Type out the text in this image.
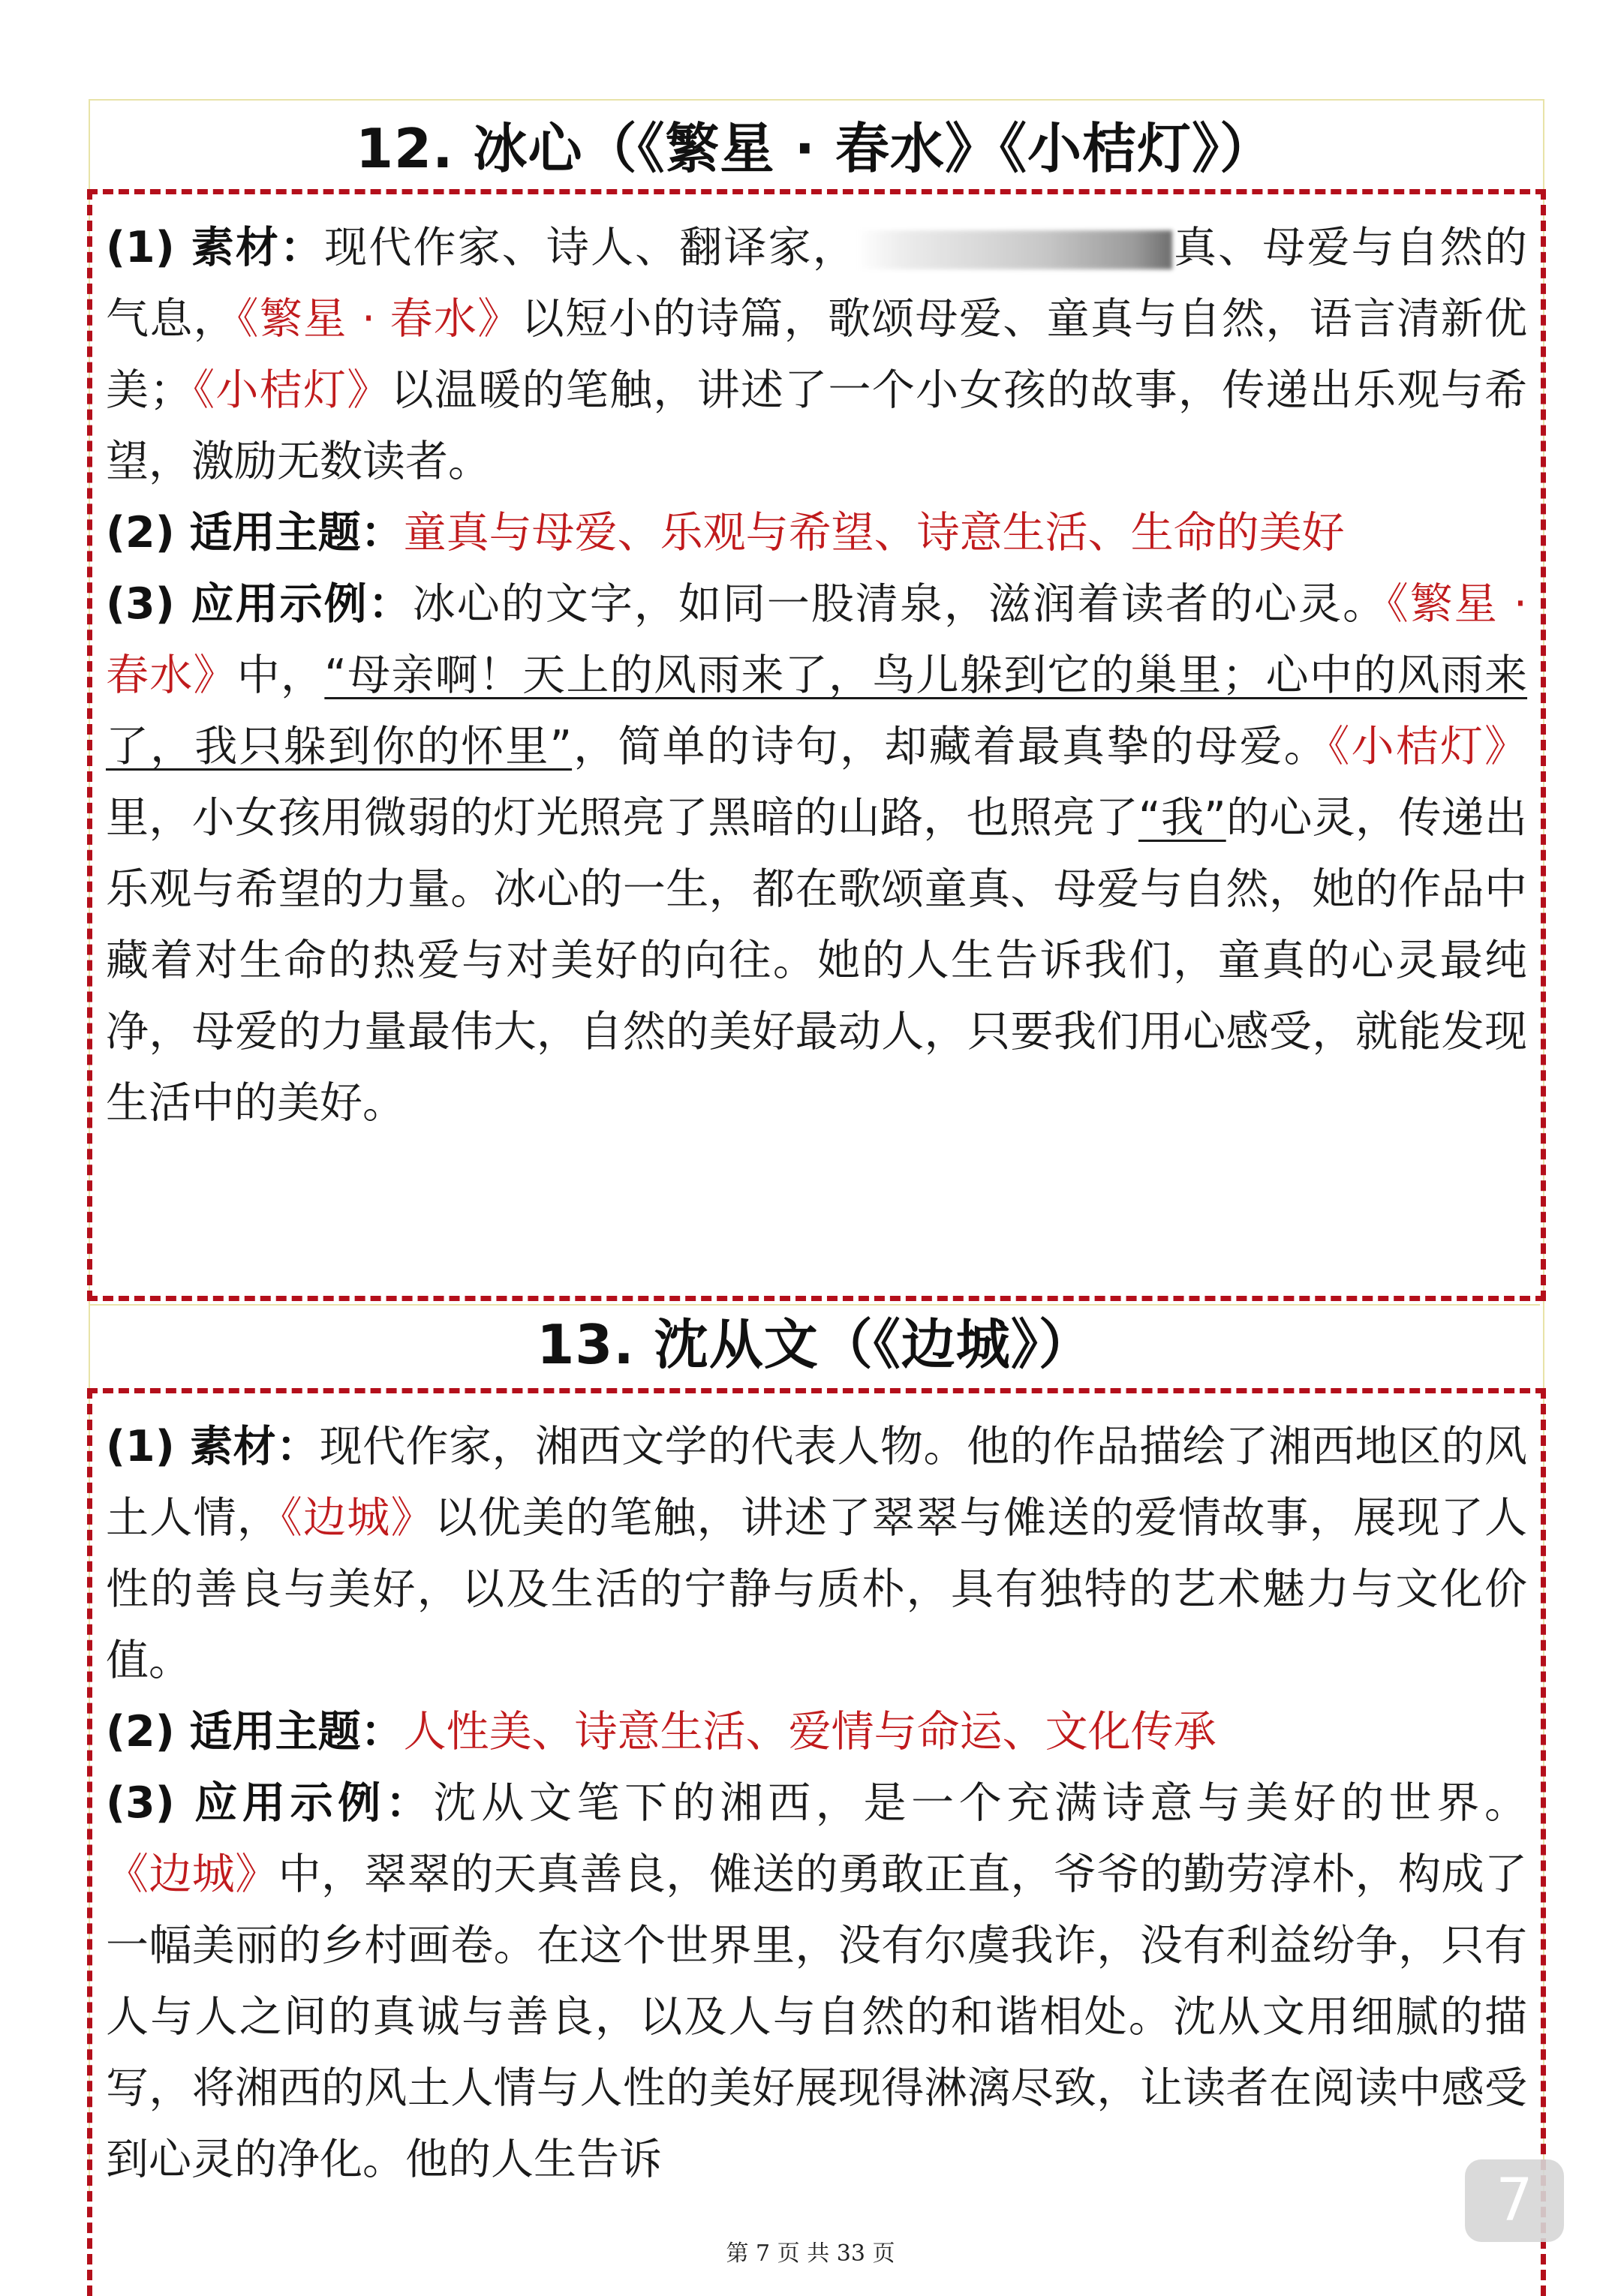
12. 冰心（《繁星 · 春水》《小桔灯》）

(1) 素材：现代作家、诗人、翻译家，	真、母爱与自然的气息，《繁星 · 春水》以短小的诗篇，歌颂母爱、童真与自然，语言清新优美；《小桔灯》以温暖的笔触，讲述了一个小女孩的故事，传递出乐观与希望，激励无数读者。

(2) 适用主题：童真与母爱、乐观与希望、诗意生活、生命的美好

(3) 应用示例：冰心的文字，如同一股清泉，滋润着读者的心灵。《繁星 · 春水》中，“母亲啊！天上的风雨来了，鸟儿躲到它的巢里；心中的风雨来了，我只躲到你的怀里”，简单的诗句，却藏着最真挚的母爱。《小桔灯》里，小女孩用微弱的灯光照亮了黑暗的山路，也照亮了“我”的心灵，传递出乐观与希望的力量。冰心的一生，都在歌颂童真、母爱与自然，她的作品中藏着对生命的热爱与对美好的向往。她的人生告诉我们，童真的心灵最纯净，母爱的力量最伟大，自然的美好最动人，只要我们用心感受，就能发现生活中的美好。

13. 沈从文（《边城》）

(1) 素材：现代作家，湘西文学的代表人物。他的作品描绘了湘西地区的风土人情，《边城》以优美的笔触，讲述了翠翠与傩送的爱情故事，展现了人性的善良与美好，以及生活的宁静与质朴，具有独特的艺术魅力与文化价值。

(2) 适用主题：人性美、诗意生活、爱情与命运、文化传承

(3) 应用示例：沈从文笔下的湘西，是一个充满诗意与美好的世界。《边城》中，翠翠的天真善良，傩送的勇敢正直，爷爷的勤劳淳朴，构成了一幅美丽的乡村画卷。在这个世界里，没有尔虞我诈，没有利益纷争，只有人与人之间的真诚与善良，以及人与自然的和谐相处。沈从文用细腻的描写，将湘西的风土人情与人性的美好展现得淋漓尽致，让读者在阅读中感受到心灵的净化。他的人生告诉

7
第 7 页 共 33 页
